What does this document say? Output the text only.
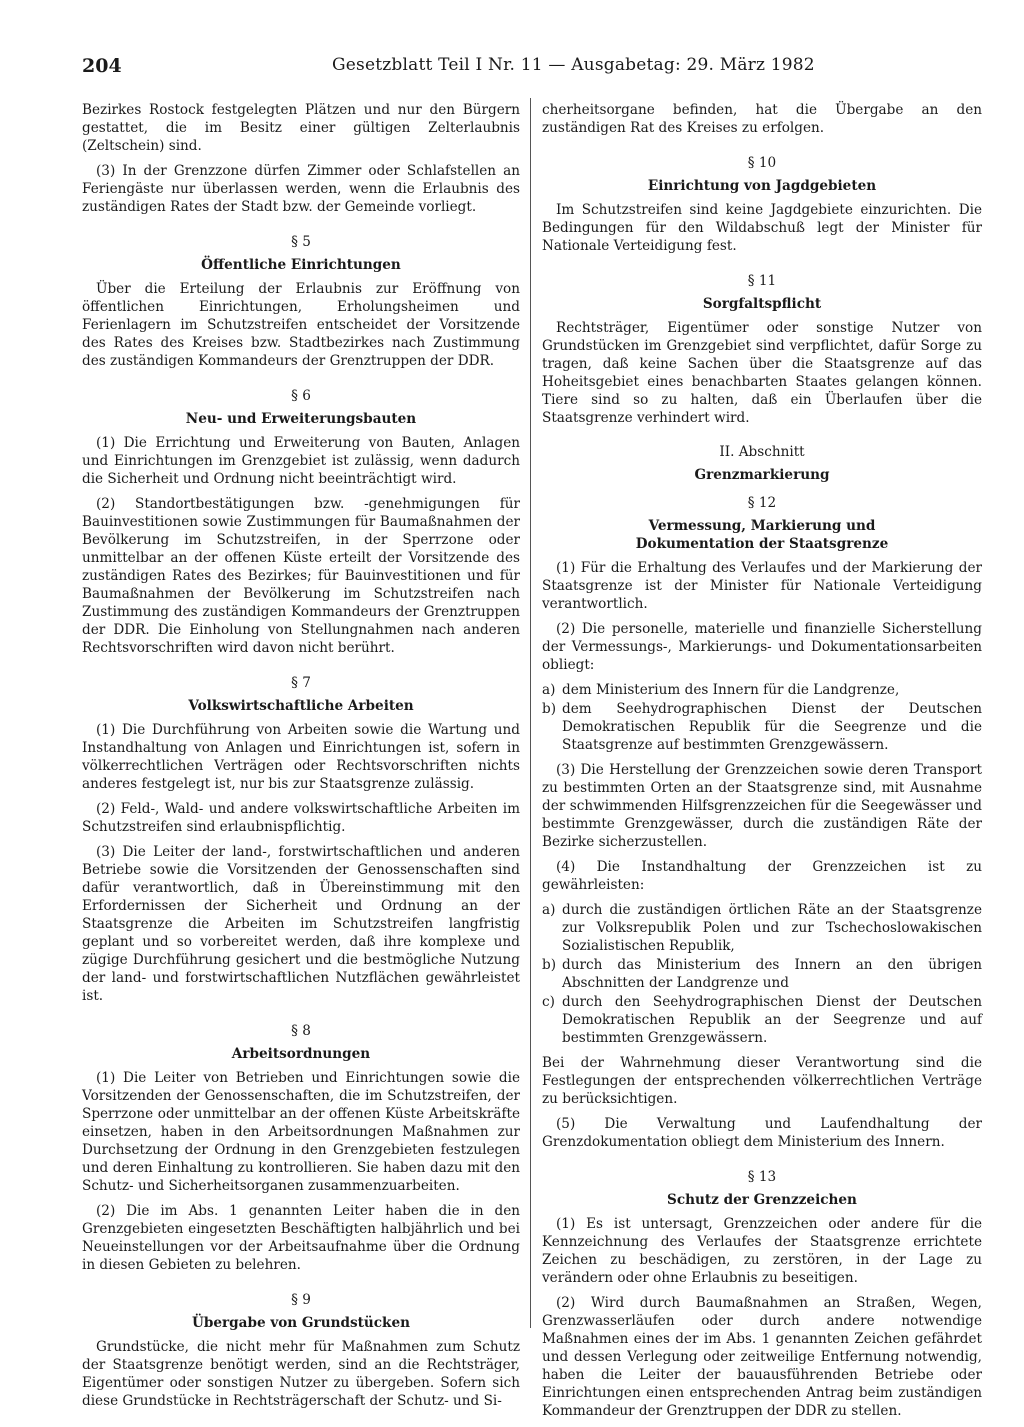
204	Gesetzblatt Teil I Nr. 11 — Ausgabetag: 29. März 1982

Bezirkes Rostock festgelegten Plätzen und nur den Bürgern gestattet, die im Besitz einer gültigen Zelterlaubnis (Zeltschein) sind.

(3) In der Grenzzone dürfen Zimmer oder Schlafstellen an Feriengäste nur überlassen werden, wenn die Erlaubnis des zuständigen Rates der Stadt bzw. der Gemeinde vorliegt.

§ 5
Öffentliche Einrichtungen

Über die Erteilung der Erlaubnis zur Eröffnung von öffentlichen Einrichtungen, Erholungsheimen und Ferienlagern im Schutzstreifen entscheidet der Vorsitzende des Rates des Kreises bzw. Stadtbezirkes nach Zustimmung des zuständigen Kommandeurs der Grenztruppen der DDR.

§ 6
Neu- und Erweiterungsbauten

(1) Die Errichtung und Erweiterung von Bauten, Anlagen und Einrichtungen im Grenzgebiet ist zulässig, wenn dadurch die Sicherheit und Ordnung nicht beeinträchtigt wird.

(2) Standortbestätigungen bzw. -genehmigungen für Bauinvestitionen sowie Zustimmungen für Baumaßnahmen der Bevölkerung im Schutzstreifen, in der Sperrzone oder unmittelbar an der offenen Küste erteilt der Vorsitzende des zuständigen Rates des Bezirkes; für Bauinvestitionen und für Baumaßnahmen der Bevölkerung im Schutzstreifen nach Zustimmung des zuständigen Kommandeurs der Grenztruppen der DDR. Die Einholung von Stellungnahmen nach anderen Rechtsvorschriften wird davon nicht berührt.

§ 7
Volkswirtschaftliche Arbeiten

(1) Die Durchführung von Arbeiten sowie die Wartung und Instandhaltung von Anlagen und Einrichtungen ist, sofern in völkerrechtlichen Verträgen oder Rechtsvorschriften nichts anderes festgelegt ist, nur bis zur Staatsgrenze zulässig.

(2) Feld-, Wald- und andere volkswirtschaftliche Arbeiten im Schutzstreifen sind erlaubnispflichtig.

(3) Die Leiter der land-, forstwirtschaftlichen und anderen Betriebe sowie die Vorsitzenden der Genossenschaften sind dafür verantwortlich, daß in Übereinstimmung mit den Erfordernissen der Sicherheit und Ordnung an der Staatsgrenze die Arbeiten im Schutzstreifen langfristig geplant und so vorbereitet werden, daß ihre komplexe und zügige Durchführung gesichert und die bestmögliche Nutzung der land- und forstwirtschaftlichen Nutzflächen gewährleistet ist.

§ 8
Arbeitsordnungen

(1) Die Leiter von Betrieben und Einrichtungen sowie die Vorsitzenden der Genossenschaften, die im Schutzstreifen, der Sperrzone oder unmittelbar an der offenen Küste Arbeitskräfte einsetzen, haben in den Arbeitsordnungen Maßnahmen zur Durchsetzung der Ordnung in den Grenzgebieten festzulegen und deren Einhaltung zu kontrollieren. Sie haben dazu mit den Schutz- und Sicherheitsorganen zusammenzuarbeiten.

(2) Die im Abs. 1 genannten Leiter haben die in den Grenzgebieten eingesetzten Beschäftigten halbjährlich und bei Neueinstellungen vor der Arbeitsaufnahme über die Ordnung in diesen Gebieten zu belehren.

§ 9
Übergabe von Grundstücken

Grundstücke, die nicht mehr für Maßnahmen zum Schutz der Staatsgrenze benötigt werden, sind an die Rechtsträger, Eigentümer oder sonstigen Nutzer zu übergeben. Sofern sich diese Grundstücke in Rechtsträgerschaft der Schutz- und Si-

cherheitsorgane befinden, hat die Übergabe an den zuständigen Rat des Kreises zu erfolgen.

§ 10
Einrichtung von Jagdgebieten

Im Schutzstreifen sind keine Jagdgebiete einzurichten. Die Bedingungen für den Wildabschuß legt der Minister für Nationale Verteidigung fest.

§ 11
Sorgfaltspflicht

Rechtsträger, Eigentümer oder sonstige Nutzer von Grundstücken im Grenzgebiet sind verpflichtet, dafür Sorge zu tragen, daß keine Sachen über die Staatsgrenze auf das Hoheitsgebiet eines benachbarten Staates gelangen können. Tiere sind so zu halten, daß ein Überlaufen über die Staatsgrenze verhindert wird.

II. Abschnitt
Grenzmarkierung
§ 12
Vermessung, Markierung und Dokumentation der Staatsgrenze

(1) Für die Erhaltung des Verlaufes und der Markierung der Staatsgrenze ist der Minister für Nationale Verteidigung verantwortlich.

(2) Die personelle, materielle und finanzielle Sicherstellung der Vermessungs-, Markierungs- und Dokumentationsarbeiten obliegt:

a) dem Ministerium des Innern für die Landgrenze,
b) dem Seehydrographischen Dienst der Deutschen Demokratischen Republik für die Seegrenze und die Staatsgrenze auf bestimmten Grenzgewässern.

(3) Die Herstellung der Grenzzeichen sowie deren Transport zu bestimmten Orten an der Staatsgrenze sind, mit Ausnahme der schwimmenden Hilfsgrenzzeichen für die Seegewässer und bestimmte Grenzgewässer, durch die zuständigen Räte der Bezirke sicherzustellen.

(4) Die Instandhaltung der Grenzzeichen ist zu gewährleisten:

a) durch die zuständigen örtlichen Räte an der Staatsgrenze zur Volksrepublik Polen und zur Tschechoslowakischen Sozialistischen Republik,
b) durch das Ministerium des Innern an den übrigen Abschnitten der Landgrenze und
c) durch den Seehydrographischen Dienst der Deutschen Demokratischen Republik an der Seegrenze und auf bestimmten Grenzgewässern.

Bei der Wahrnehmung dieser Verantwortung sind die Festlegungen der entsprechenden völkerrechtlichen Verträge zu berücksichtigen.

(5) Die Verwaltung und Laufendhaltung der Grenzdokumentation obliegt dem Ministerium des Innern.

§ 13
Schutz der Grenzzeichen

(1) Es ist untersagt, Grenzzeichen oder andere für die Kennzeichnung des Verlaufes der Staatsgrenze errichtete Zeichen zu beschädigen, zu zerstören, in der Lage zu verändern oder ohne Erlaubnis zu beseitigen.

(2) Wird durch Baumaßnahmen an Straßen, Wegen, Grenzwasserläufen oder durch andere notwendige Maßnahmen eines der im Abs. 1 genannten Zeichen gefährdet und dessen Verlegung oder zeitweilige Entfernung notwendig, haben die Leiter der bauausführenden Betriebe oder Einrichtungen einen entsprechenden Antrag beim zuständigen Kommandeur der Grenztruppen der DDR zu stellen.
